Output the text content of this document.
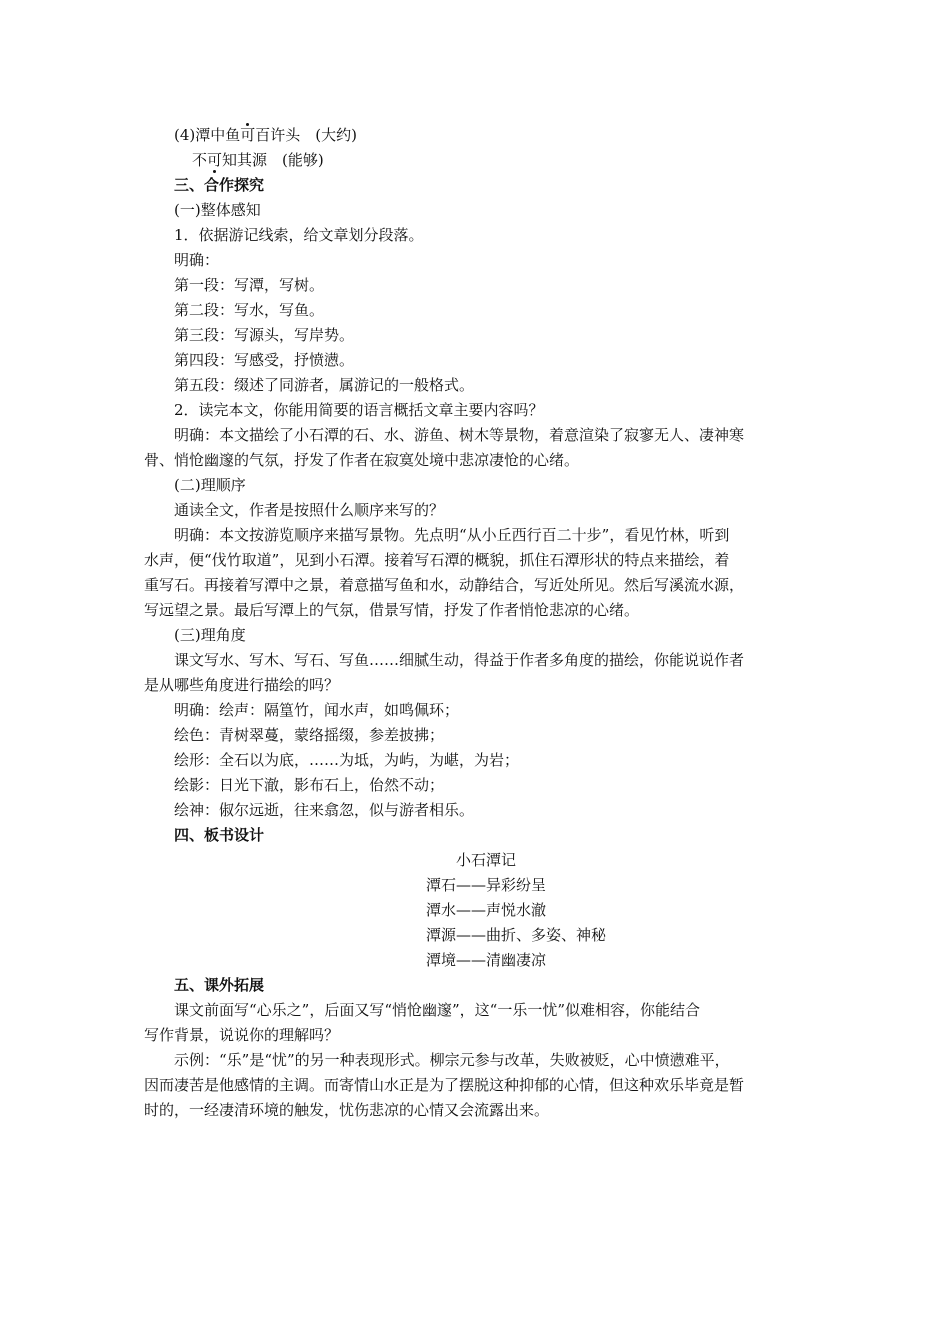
(4)潭中鱼可百许头　(大约)
不可知其源　(能够)
三、合作探究
(一)整体感知
1．依据游记线索，给文章划分段落。
明确：
第一段：写潭，写树。
第二段：写水，写鱼。
第三段：写源头，写岸势。
第四段：写感受，抒愤懑。
第五段：缀述了同游者，属游记的一般格式。
2．读完本文，你能用简要的语言概括文章主要内容吗？
明确：本文描绘了小石潭的石、水、游鱼、树木等景物，着意渲染了寂寥无人、凄神寒
骨、悄怆幽邃的气氛，抒发了作者在寂寞处境中悲凉凄怆的心绪。
(二)理顺序
通读全文，作者是按照什么顺序来写的？
明确：本文按游览顺序来描写景物。先点明“从小丘西行百二十步”，看见竹林，听到
水声，便“伐竹取道”，见到小石潭。接着写石潭的概貌，抓住石潭形状的特点来描绘，着
重写石。再接着写潭中之景，着意描写鱼和水，动静结合，写近处所见。然后写溪流水源，
写远望之景。最后写潭上的气氛，借景写情，抒发了作者悄怆悲凉的心绪。
(三)理角度
课文写水、写木、写石、写鱼……细腻生动，得益于作者多角度的描绘，你能说说作者
是从哪些角度进行描绘的吗？
明确：绘声：隔篁竹，闻水声，如鸣佩环；
绘色：青树翠蔓，蒙络摇缀，参差披拂；
绘形：全石以为底，……为坻，为屿，为嵁，为岩；
绘影：日光下澈，影布石上，佁然不动；
绘神：俶尔远逝，往来翕忽，似与游者相乐。
四、板书设计
小石潭记
潭石——异彩纷呈
潭水——声悦水澈
潭源——曲折、多姿、神秘
潭境——清幽凄凉
五、课外拓展
课文前面写“心乐之”，后面又写“悄怆幽邃”，这“一乐一忧”似难相容，你能结合
写作背景，说说你的理解吗？
示例：“乐”是“忧”的另一种表现形式。柳宗元参与改革，失败被贬，心中愤懑难平，
因而凄苦是他感情的主调。而寄情山水正是为了摆脱这种抑郁的心情，但这种欢乐毕竟是暂
时的，一经凄清环境的触发，忧伤悲凉的心情又会流露出来。
